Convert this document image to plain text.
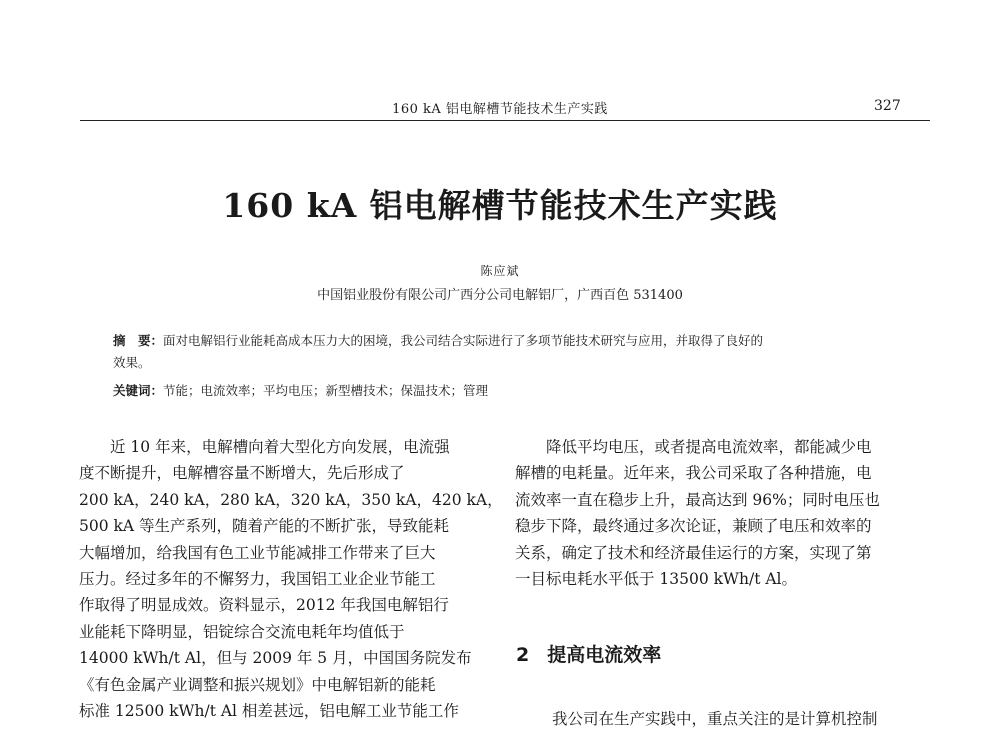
160 kA 铝电解槽节能技术生产实践	327
160 kA 铝电解槽节能技术生产实践
陈应斌
中国铝业股份有限公司广西分公司电解铝厂，广西百色 531400
摘　要：面对电解铝行业能耗高成本压力大的困境，我公司结合实际进行了多项节能技术研究与应用，并取得了良好的
效果。
关键词：节能；电流效率；平均电压；新型槽技术；保温技术；管理
　　近 10 年来，电解槽向着大型化方向发展，电流强
度不断提升，电解槽容量不断增大，先后形成了
200 kA，240 kA，280 kA，320 kA，350 kA，420 kA，
500 kA 等生产系列，随着产能的不断扩张，导致能耗
大幅增加，给我国有色工业节能减排工作带来了巨大
压力。经过多年的不懈努力，我国铝工业企业节能工
作取得了明显成效。资料显示，2012 年我国电解铝行
业能耗下降明显，铝锭综合交流电耗年均值低于
14000 kWh/t Al，但与 2009 年 5 月，中国国务院发布
《有色金属产业调整和振兴规划》中电解铝新的能耗
标准 12500 kWh/t Al 相差甚远，铝电解工业节能工作
　　降低平均电压，或者提高电流效率，都能减少电
解槽的电耗量。近年来，我公司采取了各种措施，电
流效率一直在稳步上升，最高达到 96%；同时电压也
稳步下降，最终通过多次论证，兼顾了电压和效率的
关系，确定了技术和经济最佳运行的方案，实现了第
一目标电耗水平低于 13500 kWh/t Al。
2 提高电流效率
我公司在生产实践中，重点关注的是计算机控制
